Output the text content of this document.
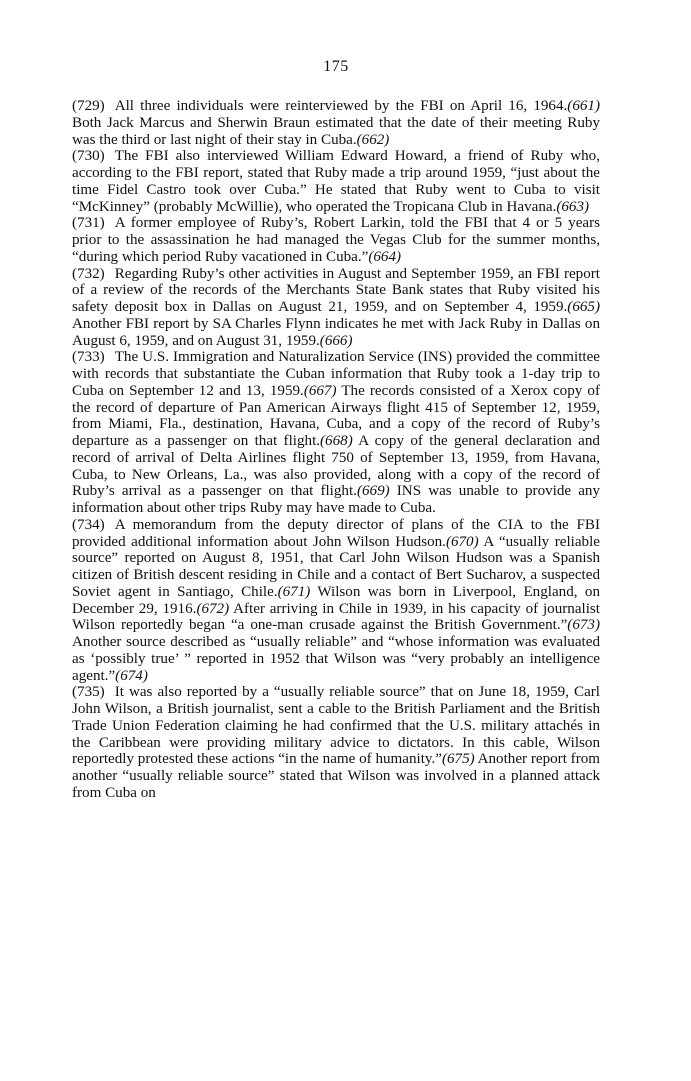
175

(729) All three individuals were reinterviewed by the FBI on April 16, 1964.(661) Both Jack Marcus and Sherwin Braun estimated that the date of their meeting Ruby was the third or last night of their stay in Cuba.(662)

(730) The FBI also interviewed William Edward Howard, a friend of Ruby who, according to the FBI report, stated that Ruby made a trip around 1959, “just about the time Fidel Castro took over Cuba.” He stated that Ruby went to Cuba to visit “McKinney” (probably McWillie), who operated the Tropicana Club in Havana.(663)

(731) A former employee of Ruby’s, Robert Larkin, told the FBI that 4 or 5 years prior to the assassination he had managed the Vegas Club for the summer months, “during which period Ruby vacationed in Cuba.”(664)

(732) Regarding Ruby’s other activities in August and September 1959, an FBI report of a review of the records of the Merchants State Bank states that Ruby visited his safety deposit box in Dallas on August 21, 1959, and on September 4, 1959.(665) Another FBI report by SA Charles Flynn indicates he met with Jack Ruby in Dallas on August 6, 1959, and on August 31, 1959.(666)

(733) The U.S. Immigration and Naturalization Service (INS) provided the committee with records that substantiate the Cuban information that Ruby took a 1-day trip to Cuba on September 12 and 13, 1959.(667) The records consisted of a Xerox copy of the record of departure of Pan American Airways flight 415 of September 12, 1959, from Miami, Fla., destination, Havana, Cuba, and a copy of the record of Ruby’s departure as a passenger on that flight.(668) A copy of the general declaration and record of arrival of Delta Airlines flight 750 of September 13, 1959, from Havana, Cuba, to New Orleans, La., was also provided, along with a copy of the record of Ruby’s arrival as a passenger on that flight.(669) INS was unable to provide any information about other trips Ruby may have made to Cuba.

(734) A memorandum from the deputy director of plans of the CIA to the FBI provided additional information about John Wilson Hudson.(670) A “usually reliable source” reported on August 8, 1951, that Carl John Wilson Hudson was a Spanish citizen of British descent residing in Chile and a contact of Bert Sucharov, a suspected Soviet agent in Santiago, Chile.(671) Wilson was born in Liverpool, England, on December 29, 1916.(672) After arriving in Chile in 1939, in his capacity of journalist Wilson reportedly began “a one-man crusade against the British Government.”(673) Another source described as “usually reliable” and “whose information was evaluated as ‘possibly true’ ” reported in 1952 that Wilson was “very probably an intelligence agent.”(674)

(735) It was also reported by a “usually reliable source” that on June 18, 1959, Carl John Wilson, a British journalist, sent a cable to the British Parliament and the British Trade Union Federation claiming he had confirmed that the U.S. military attachés in the Caribbean were providing military advice to dictators. In this cable, Wilson reportedly protested these actions “in the name of humanity.”(675) Another report from another “usually reliable source” stated that Wilson was involved in a planned attack from Cuba on
